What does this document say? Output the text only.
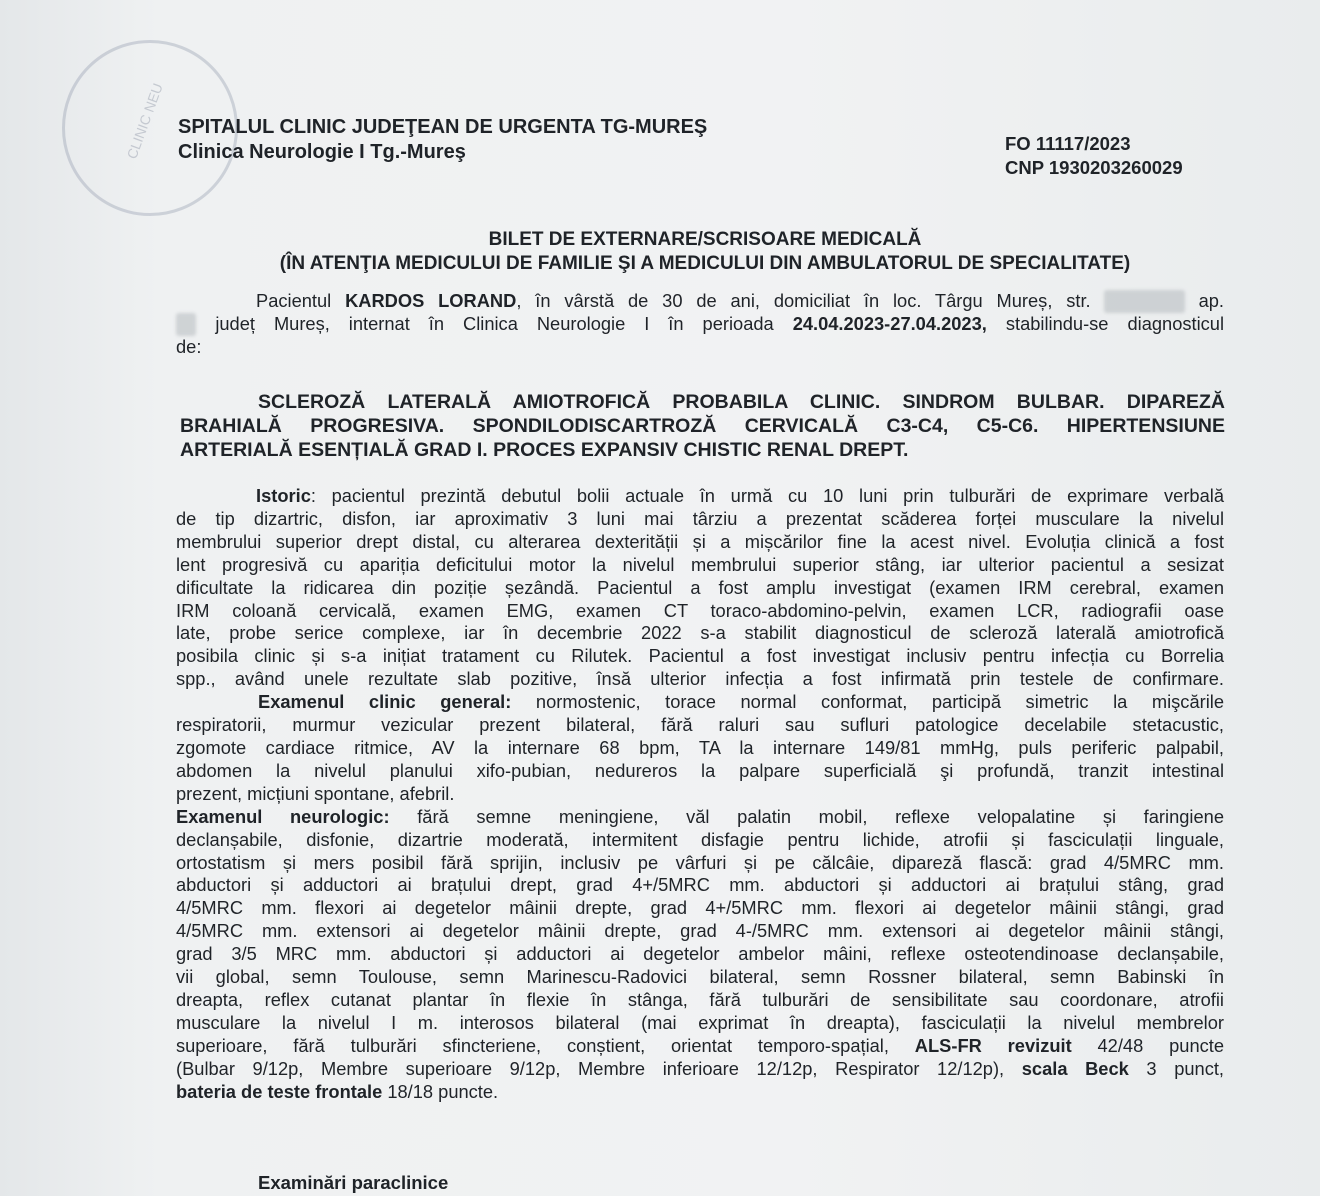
CLINIC NEU SPITALUL CLINIC JUDEŢEAN DE URGENTA TG-MUREŞ
Clinica Neurologie I Tg.-Mureş	FO 11117/2023
CNP 1930203260029
BILET DE EXTERNARE/SCRISOARE MEDICALĂ
(ÎN ATENŢIA MEDICULUI DE FAMILIE ŞI A MEDICULUI DIN AMBULATORUL DE SPECIALITATE)
Pacientul KARDOS LORAND, în vârstă de 30 de ani, domiciliat în loc. Târgu Mureș, str.	ap.
județ Mureș, internat în Clinica Neurologie I în perioada 24.04.2023-27.04.2023, stabilindu-se diagnosticul
de:
SCLEROZĂ LATERALĂ AMIOTROFICĂ PROBABILA CLINIC. SINDROM BULBAR. DIPAREZĂ
BRAHIALĂ PROGRESIVA. SPONDILODISCARTROZĂ CERVICALĂ C3-C4, C5-C6. HIPERTENSIUNE
ARTERIALĂ ESENȚIALĂ GRAD I. PROCES EXPANSIV CHISTIC RENAL DREPT.
Istoric: pacientul prezintă debutul bolii actuale în urmă cu 10 luni prin tulburări de exprimare verbală
de tip dizartric, disfon, iar aproximativ 3 luni mai târziu a prezentat scăderea forței musculare la nivelul
membrului superior drept distal, cu alterarea dexterității și a mișcărilor fine la acest nivel. Evoluția clinică a fost
lent progresivă cu apariția deficitului motor la nivelul membrului superior stâng, iar ulterior pacientul a sesizat
dificultate la ridicarea din poziție șezândă. Pacientul a fost amplu investigat (examen IRM cerebral, examen
IRM coloană cervicală, examen EMG, examen CT toraco-abdomino-pelvin, examen LCR, radiografii oase
late, probe serice complexe, iar în decembrie 2022 s-a stabilit diagnosticul de scleroză laterală amiotrofică
posibila clinic și s-a inițiat tratament cu Rilutek. Pacientul a fost investigat inclusiv pentru infecția cu Borrelia
spp., având unele rezultate slab pozitive, însă ulterior infecția a fost infirmată prin testele de confirmare.
Examenul clinic general: normostenic, torace normal conformat, participă simetric la mişcările
respiratorii, murmur vezicular prezent bilateral, fără raluri sau sufluri patologice decelabile stetacustic,
zgomote cardiace ritmice, AV la internare 68 bpm, TA la internare 149/81 mmHg, puls periferic palpabil,
abdomen la nivelul planului xifo-pubian, nedureros la palpare superficială şi profundă, tranzit intestinal
prezent, micțiuni spontane, afebril.
Examenul neurologic: fără semne meningiene, văl palatin mobil, reflexe velopalatine și faringiene
declanșabile, disfonie, dizartrie moderată, intermitent disfagie pentru lichide, atrofii și fasciculații linguale,
ortostatism și mers posibil fără sprijin, inclusiv pe vârfuri și pe călcâie, dipareză flască: grad 4/5MRC mm.
abductori și adductori ai brațului drept, grad 4+/5MRC mm. abductori și adductori ai brațului stâng, grad
4/5MRC mm. flexori ai degetelor mâinii drepte, grad 4+/5MRC mm. flexori ai degetelor mâinii stângi, grad
4/5MRC mm. extensori ai degetelor mâinii drepte, grad 4-/5MRC mm. extensori ai degetelor mâinii stângi,
grad 3/5 MRC mm. abductori și adductori ai degetelor ambelor mâini, reflexe osteotendinoase declanșabile,
vii global, semn Toulouse, semn Marinescu-Radovici bilateral, semn Rossner bilateral, semn Babinski în
dreapta, reflex cutanat plantar în flexie în stânga, fără tulburări de sensibilitate sau coordonare, atrofii
musculare la nivelul I m. interosos bilateral (mai exprimat în dreapta), fasciculații la nivelul membrelor
superioare, fără tulburări sfincteriene, conștient, orientat temporo-spațial, ALS-FR revizuit 42/48 puncte
(Bulbar 9/12p, Membre superioare 9/12p, Membre inferioare 12/12p, Respirator 12/12p), scala Beck 3 punct,
bateria de teste frontale 18/18 puncte.
Examinări paraclinice
